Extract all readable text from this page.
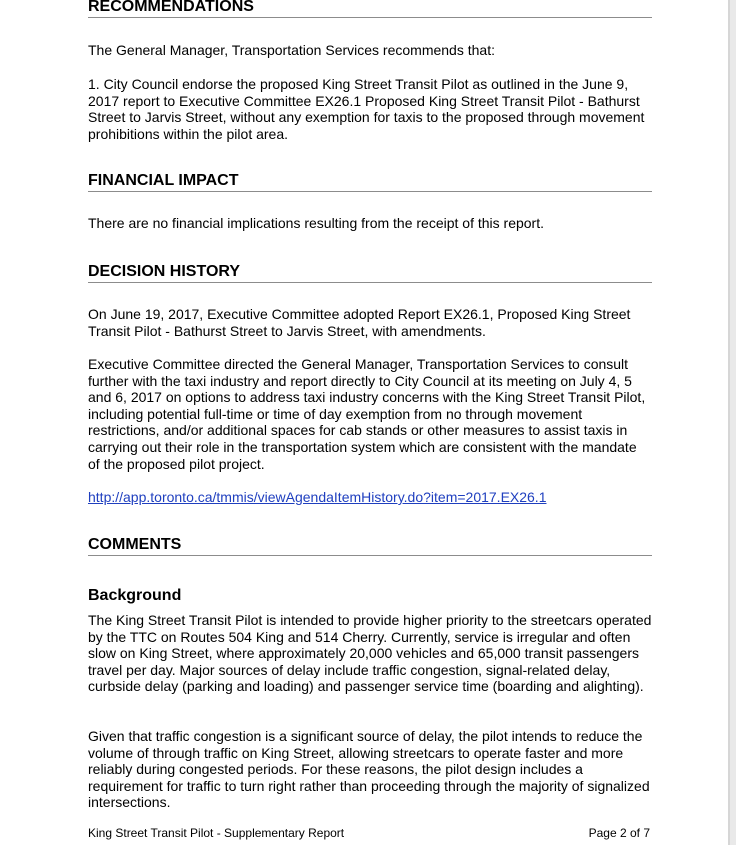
RECOMMENDATIONS

The General Manager, Transportation Services recommends that:

1. City Council endorse the proposed King Street Transit Pilot as outlined in the June 9, 2017 report to Executive Committee EX26.1 Proposed King Street Transit Pilot - Bathurst Street to Jarvis Street, without any exemption for taxis to the proposed through movement prohibitions within the pilot area.

FINANCIAL IMPACT

There are no financial implications resulting from the receipt of this report.

DECISION HISTORY

On June 19, 2017, Executive Committee adopted Report EX26.1, Proposed King Street Transit Pilot - Bathurst Street to Jarvis Street, with amendments.

Executive Committee directed the General Manager, Transportation Services to consult further with the taxi industry and report directly to City Council at its meeting on July 4, 5 and 6, 2017 on options to address taxi industry concerns with the King Street Transit Pilot, including potential full-time or time of day exemption from no through movement restrictions, and/or additional spaces for cab stands or other measures to assist taxis in carrying out their role in the transportation system which are consistent with the mandate of the proposed pilot project.

http://app.toronto.ca/tmmis/viewAgendaItemHistory.do?item=2017.EX26.1
COMMENTS
Background

The King Street Transit Pilot is intended to provide higher priority to the streetcars operated by the TTC on Routes 504 King and 514 Cherry. Currently, service is irregular and often slow on King Street, where approximately 20,000 vehicles and 65,000 transit passengers travel per day. Major sources of delay include traffic congestion, signal-related delay, curbside delay (parking and loading) and passenger service time (boarding and alighting).

Given that traffic congestion is a significant source of delay, the pilot intends to reduce the volume of through traffic on King Street, allowing streetcars to operate faster and more reliably during congested periods. For these reasons, the pilot design includes a requirement for traffic to turn right rather than proceeding through the majority of signalized intersections.

King Street Transit Pilot - Supplementary Report	Page 2 of 7
